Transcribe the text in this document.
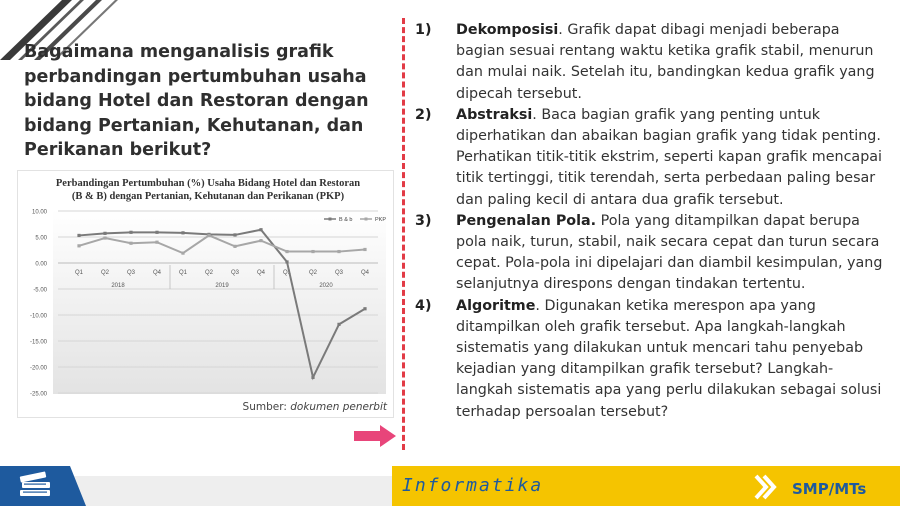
Bagaimana menganalisis grafik perbandingan pertumbuhan usaha bidang Hotel dan Restoran dengan bidang Pertanian, Kehutanan, dan Perikanan berikut?
Perbandingan Pertumbuhan (%) Usaha Bidang Hotel dan Restoran
(B & B) dengan Pertanian, Kehutanan dan Perikanan (PKP)
10.00
5.00
0.00
-5.00
-10.00
-15.00
-20.00
-25.00
Q1	Q2	Q3	Q4	Q1	Q2	Q3	Q4	Q1	Q2	Q3	Q4
2018	2019	2020
B & b	PKP
Sumber: dokumen penerbit
1)	Dekomposisi. Grafik dapat dibagi menjadi beberapa bagian sesuai rentang waktu ketika grafik stabil, menurun dan mulai naik. Setelah itu, bandingkan kedua grafik yang dipecah tersebut.
2)	Abstraksi. Baca bagian grafik yang penting untuk diperhatikan dan abaikan bagian grafik yang tidak penting. Perhatikan titik-titik ekstrim, seperti kapan grafik mencapai titik tertinggi, titik terendah, serta perbedaan paling besar dan paling kecil di antara dua grafik tersebut.
3)	Pengenalan Pola. Pola yang ditampilkan dapat berupa pola naik, turun, stabil, naik secara cepat dan turun secara cepat. Pola-pola ini dipelajari dan diambil kesimpulan, yang selanjutnya direspons dengan tindakan tertentu.
4)	Algoritme. Digunakan ketika merespon apa yang ditampilkan oleh grafik tersebut. Apa langkah-langkah sistematis yang dilakukan untuk mencari tahu penyebab kejadian yang ditampilkan grafik tersebut? Langkah-langkah sistematis apa yang perlu dilakukan sebagai solusi terhadap persoalan tersebut?
Informatika	SMP/MTs
